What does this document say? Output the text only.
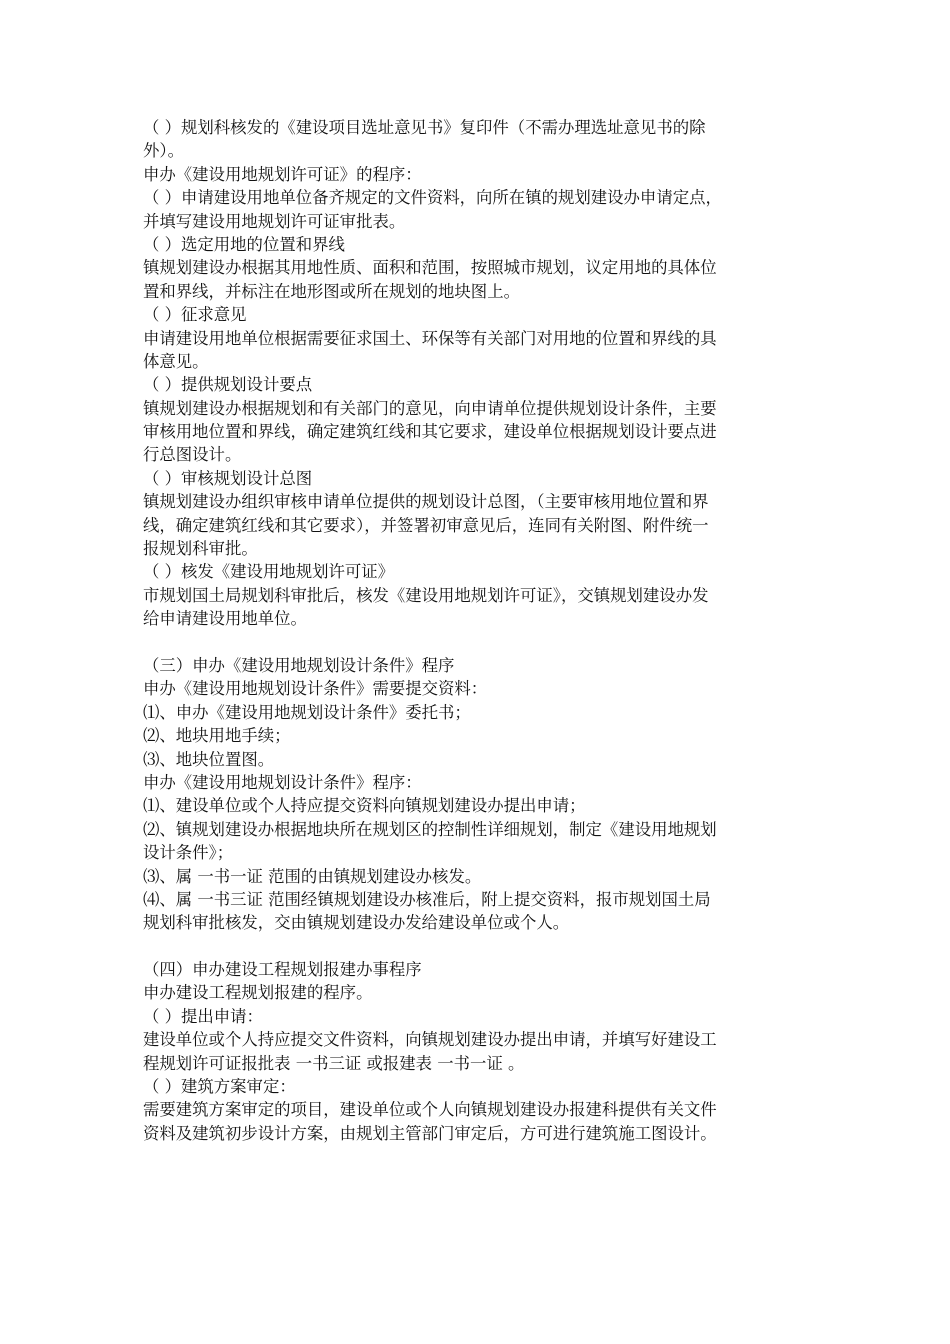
（ ）规划科核发的《建设项目选址意见书》复印件（不需办理选址意见书的除
外）。
申办《建设用地规划许可证》的程序：
（ ）申请建设用地单位备齐规定的文件资料，向所在镇的规划建设办申请定点，
并填写建设用地规划许可证审批表。
（ ）选定用地的位置和界线
镇规划建设办根据其用地性质、面积和范围，按照城市规划，议定用地的具体位
置和界线，并标注在地形图或所在规划的地块图上。
（ ）征求意见
申请建设用地单位根据需要征求国土、环保等有关部门对用地的位置和界线的具
体意见。
（ ）提供规划设计要点
镇规划建设办根据规划和有关部门的意见，向申请单位提供规划设计条件，主要
审核用地位置和界线，确定建筑红线和其它要求，建设单位根据规划设计要点进
行总图设计。
（ ）审核规划设计总图
镇规划建设办组织审核申请单位提供的规划设计总图，（主要审核用地位置和界
线，确定建筑红线和其它要求），并签署初审意见后，连同有关附图、附件统一
报规划科审批。
（ ）核发《建设用地规划许可证》
市规划国土局规划科审批后，核发《建设用地规划许可证》，交镇规划建设办发
给申请建设用地单位。
（三）申办《建设用地规划设计条件》程序
申办《建设用地规划设计条件》需要提交资料：
⑴、申办《建设用地规划设计条件》委托书；
⑵、地块用地手续；
⑶、地块位置图。
申办《建设用地规划设计条件》程序：
⑴、建设单位或个人持应提交资料向镇规划建设办提出申请；
⑵、镇规划建设办根据地块所在规划区的控制性详细规划，制定《建设用地规划
设计条件》；
⑶、属 一书一证 范围的由镇规划建设办核发。
⑷、属 一书三证 范围经镇规划建设办核准后，附上提交资料，报市规划国土局
规划科审批核发，交由镇规划建设办发给建设单位或个人。
（四）申办建设工程规划报建办事程序
申办建设工程规划报建的程序。
（ ）提出申请：
建设单位或个人持应提交文件资料，向镇规划建设办提出申请，并填写好建设工
程规划许可证报批表 一书三证 或报建表 一书一证 。
（ ）建筑方案审定：
需要建筑方案审定的项目，建设单位或个人向镇规划建设办报建科提供有关文件
资料及建筑初步设计方案，由规划主管部门审定后，方可进行建筑施工图设计。
